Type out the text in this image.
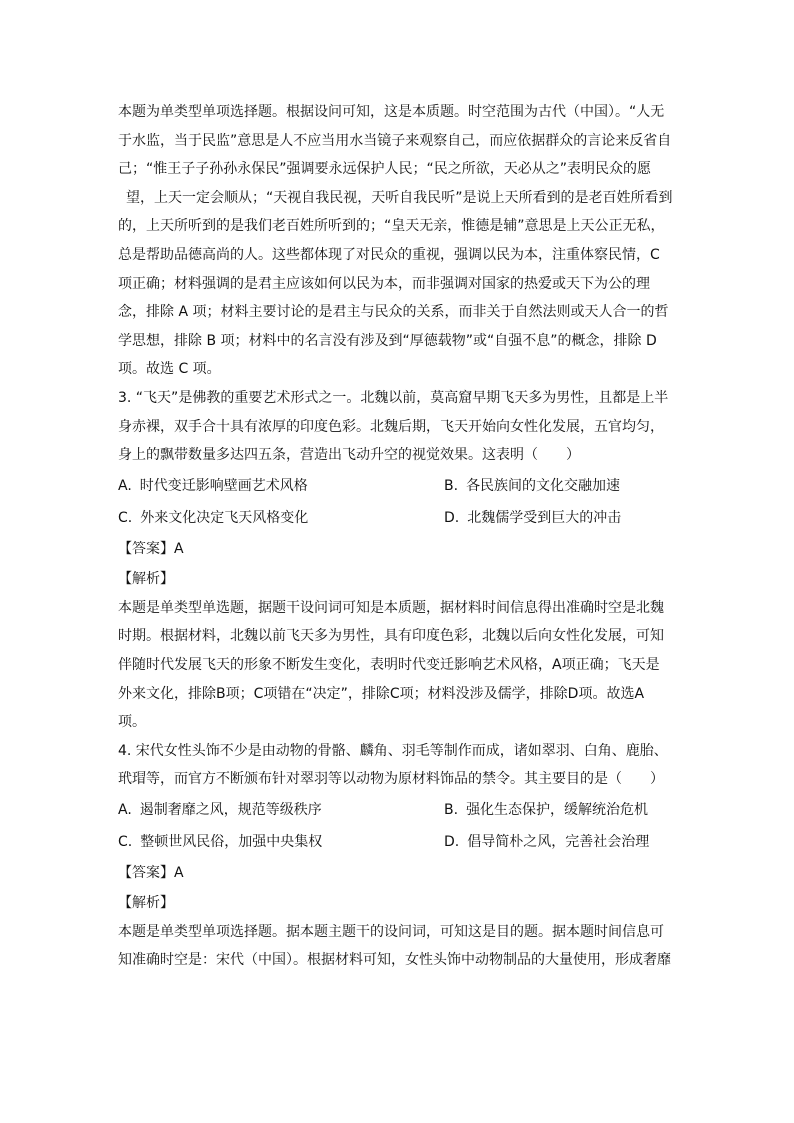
本题为单类型单项选择题。根据设问可知，这是本质题。时空范围为古代（中国）。“人无
于水监，当于民监”意思是人不应当用水当镜子来观察自己，而应依据群众的言论来反省自
己；“惟王子子孙孙永保民”强调要永远保护人民；“民之所欲，天必从之”表明民众的愿
望，上天一定会顺从；“天视自我民视，天听自我民听”是说上天所看到的是老百姓所看到
的，上天所听到的是我们老百姓所听到的；“皇天无亲，惟德是辅”意思是上天公正无私，
总是帮助品德高尚的人。这些都体现了对民众的重视，强调以民为本，注重体察民情，C
项正确；材料强调的是君主应该如何以民为本，而非强调对国家的热爱或天下为公的理
念，排除 A 项；材料主要讨论的是君主与民众的关系，而非关于自然法则或天人合一的哲
学思想，排除 B 项；材料中的名言没有涉及到“厚德载物”或“自强不息”的概念，排除 D
项。故选 C 项。
3. “飞天”是佛教的重要艺术形式之一。北魏以前，莫高窟早期飞天多为男性，且都是上半
身赤裸，双手合十具有浓厚的印度色彩。北魏后期，飞天开始向女性化发展，五官均匀，
身上的飘带数量多达四五条，营造出飞动升空的视觉效果。这表明（　　）
A. 时代变迁影响壁画艺术风格	B. 各民族间的文化交融加速
C. 外来文化决定飞天风格变化	D. 北魏儒学受到巨大的冲击
【答案】A
【解析】
本题是单类型单选题，据题干设问词可知是本质题，据材料时间信息得出准确时空是北魏
时期。根据材料，北魏以前飞天多为男性，具有印度色彩，北魏以后向女性化发展，可知
伴随时代发展飞天的形象不断发生变化，表明时代变迁影响艺术风格，A项正确；飞天是
外来文化，排除B项；C项错在“决定”，排除C项；材料没涉及儒学，排除D项。故选A
项。
4. 宋代女性头饰不少是由动物的骨骼、麟角、羽毛等制作而成，诸如翠羽、白角、鹿胎、
玳瑁等，而官方不断颁布针对翠羽等以动物为原材料饰品的禁令。其主要目的是（　　）
A. 遏制奢靡之风，规范等级秩序	B. 强化生态保护，缓解统治危机
C. 整顿世风民俗，加强中央集权	D. 倡导简朴之风，完善社会治理
【答案】A
【解析】
本题是单类型单项选择题。据本题主题干的设问词，可知这是目的题。据本题时间信息可
知准确时空是：宋代（中国）。根据材料可知，女性头饰中动物制品的大量使用，形成奢靡
